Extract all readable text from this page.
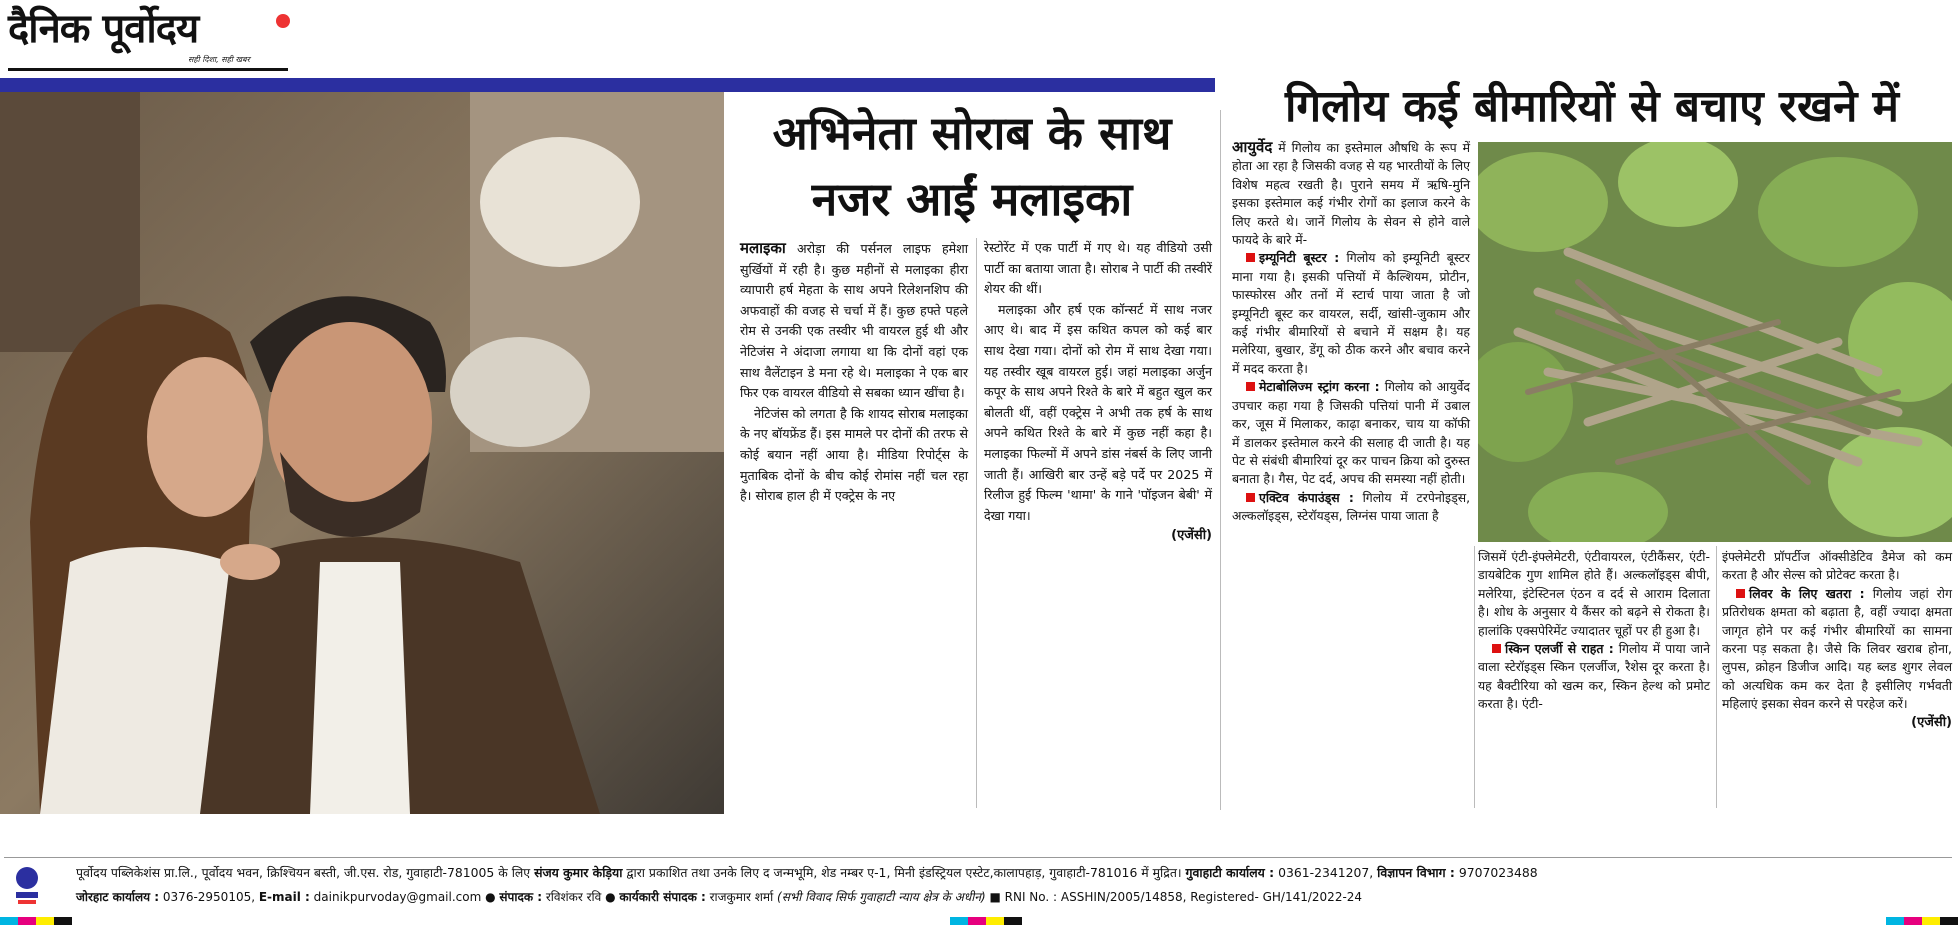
दैनिक पूर्वोदय
सही दिशा, सही खबर
अभिनेता सोराब के साथ
नजर आईं मलाइका

मलाइका अरोड़ा की पर्सनल लाइफ हमेशा सुर्खियों में रही है। कुछ महीनों से मलाइका हीरा व्यापारी हर्ष मेहता के साथ अपने रिलेशनशिप की अफवाहों की वजह से चर्चा में हैं। कुछ हफ्ते पहले रोम से उनकी एक तस्वीर भी वायरल हुई थी और नेटिजंस ने अंदाजा लगाया था कि दोनों वहां एक साथ वैलेंटाइन डे मना रहे थे। मलाइका ने एक बार फिर एक वायरल वीडियो से सबका ध्यान खींचा है।

नेटिजंस को लगता है कि शायद सोराब मलाइका के नए बॉयफ्रेंड हैं। इस मामले पर दोनों की तरफ से कोई बयान नहीं आया है। मीडिया रिपोर्ट्स के मुताबिक दोनों के बीच कोई रोमांस नहीं चल रहा है। सोराब हाल ही में एक्ट्रेस के नए

रेस्टोरेंट में एक पार्टी में गए थे। यह वीडियो उसी पार्टी का बताया जाता है। सोराब ने पार्टी की तस्वीरें शेयर की थीं।

मलाइका और हर्ष एक कॉन्सर्ट में साथ नजर आए थे। बाद में इस कथित कपल को कई बार साथ देखा गया। दोनों को रोम में साथ देखा गया। यह तस्वीर खूब वायरल हुई। जहां मलाइका अर्जुन कपूर के साथ अपने रिश्ते के बारे में बहुत खुल कर बोलती थीं, वहीं एक्ट्रेस ने अभी तक हर्ष के साथ अपने कथित रिश्ते के बारे में कुछ नहीं कहा है। मलाइका फिल्मों में अपने डांस नंबर्स के लिए जानी जाती हैं। आखिरी बार उन्हें बड़े पर्दे पर 2025 में रिलीज हुई फिल्म 'थामा' के गाने 'पॉइजन बेबी' में देखा गया।

(एजेंसी)
गिलोय कई बीमारियों से बचाए रखने में

आयुर्वेद में गिलोय का इस्तेमाल औषधि के रूप में होता आ रहा है जिसकी वजह से यह भारतीयों के लिए विशेष महत्व रखती है। पुराने समय में ऋषि-मुनि इसका इस्तेमाल कई गंभीर रोगों का इलाज करने के लिए करते थे। जानें गिलोय के सेवन से होने वाले फायदे के बारे में-

इम्यूनिटी बूस्टर : गिलोय को इम्यूनिटी बूस्टर माना गया है। इसकी पत्तियों में कैल्शियम, प्रोटीन, फास्फोरस और तनों में स्टार्च पाया जाता है जो इम्यूनिटी बूस्ट कर वायरल, सर्दी, खांसी-जुकाम और कई गंभीर बीमारियों से बचाने में सक्षम है। यह मलेरिया, बुखार, डेंगू को ठीक करने और बचाव करने में मदद करता है।

मेटाबोलिज्म स्ट्रांग करना : गिलोय को आयुर्वेद उपचार कहा गया है जिसकी पत्तियां पानी में उबाल कर, जूस में मिलाकर, काढ़ा बनाकर, चाय या कॉफी में डालकर इस्तेमाल करने की सलाह दी जाती है। यह पेट से संबंधी बीमारियां दूर कर पाचन क्रिया को दुरुस्त बनाता है। गैस, पेट दर्द, अपच की समस्या नहीं होती।

एक्टिव कंपाउंड्स : गिलोय में टरपेनोइड्स, अल्कलॉइड्स, स्टेरॉयड्स, लिग्नंस पाया जाता है

जिसमें एंटी-इंफ्लेमेटरी, एंटीवायरल, एंटीकैंसर, एंटी- डायबेटिक गुण शामिल होते हैं। अल्कलॉइड्स बीपी, मलेरिया, इंटेस्टिनल एंठन व दर्द से आराम दिलाता है। शोध के अनुसार ये कैंसर को बढ़ने से रोकता है। हालांकि एक्सपेरिमेंट ज्यादातर चूहों पर ही हुआ है।

स्किन एलर्जी से राहत : गिलोय में पाया जाने वाला स्टेरॉइड्स स्किन एलर्जीज, रैशेस दूर करता है। यह बैक्टीरिया को खत्म कर, स्किन हेल्थ को प्रमोट करता है। एंटी-

इंफ्लेमेटरी प्रॉपर्टीज ऑक्सीडेटिव डैमेज को कम करता है और सेल्स को प्रोटेक्ट करता है।

लिवर के लिए खतरा : गिलोय जहां रोग प्रतिरोधक क्षमता को बढ़ाता है, वहीं ज्यादा क्षमता जागृत होने पर कई गंभीर बीमारियों का सामना करना पड़ सकता है। जैसे कि लिवर खराब होना, लुपस, क्रोहन डिजीज आदि। यह ब्लड शुगर लेवल को अत्यधिक कम कर देता है इसीलिए गर्भवती महिलाएं इसका सेवन करने से परहेज करें।

(एजेंसी)
पूर्वोदय पब्लिकेशंस प्रा.लि., पूर्वोदय भवन, क्रिश्चियन बस्ती, जी.एस. रोड, गुवाहाटी-781005 के लिए संजय कुमार केड़िया द्वारा प्रकाशित तथा उनके लिए द जन्मभूमि, शेड नम्बर ए-1, मिनी इंडस्ट्रियल एस्टेट,कालापहाड़, गुवाहाटी-781016 में मुद्रित। गुवाहाटी कार्यालय : 0361-2341207, विज्ञापन विभाग : 9707023488
जोरहाट कार्यालय : 0376-2950105, E-mail : dainikpurvoday@gmail.com ● संपादक : रविशंकर रवि ● कार्यकारी संपादक : राजकुमार शर्मा (सभी विवाद सिर्फ गुवाहाटी न्याय क्षेत्र के अधीन) ■ RNI No. : ASSHIN/2005/14858, Registered- GH/141/2022-24
